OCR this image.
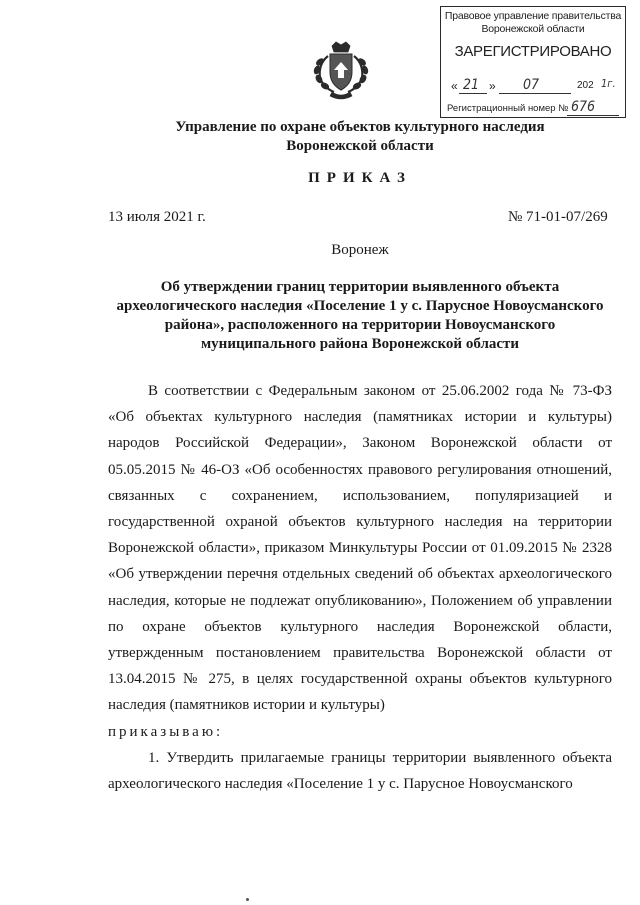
Правовое управление правительства
Воронежской области
ЗАРЕГИСТРИРОВАНО
« 21 » 07	202 1г.
Регистрационный номер № 676
Управление по охране объектов культурного наследия
Воронежской области
ПРИКАЗ
13 июля 2021 г.	№ 71-01-07/269
Воронеж
Об утверждении границ территории выявленного объекта
археологического наследия «Поселение 1 у с. Парусное Новоусманского
района», расположенного на территории Новоусманского
муниципального района Воронежской области

В соответствии с Федеральным законом от 25.06.2002 года № 73-ФЗ «Об объектах культурного наследия (памятниках истории и культуры) народов Российской Федерации», Законом Воронежской области от 05.05.2015 № 46-ОЗ «Об особенностях правового регулирования отношений, связанных с сохранением, использованием, популяризацией и государственной охраной объектов культурного наследия на территории Воронежской области», приказом Минкультуры России от 01.09.2015 № 2328 «Об утверждении перечня отдельных сведений об объектах археологического наследия, которые не подлежат опубликованию», Положением об управлении по охране объектов культурного наследия Воронежской области, утвержденным постановлением правительства Воронежской области от 13.04.2015 № 275, в целях государственной охраны объектов культурного наследия (памятников истории и культуры)

приказываю:

1. Утвердить прилагаемые границы территории выявленного объекта археологического наследия «Поселение 1 у с. Парусное Новоусманского
